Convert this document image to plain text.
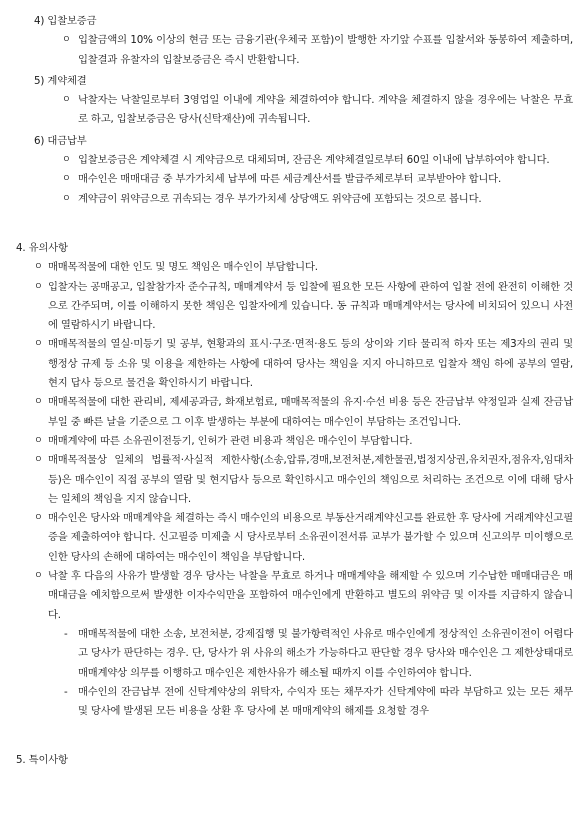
4) 입찰보증금
ㅇ 입찰금액의 10% 이상의 현금 또는 금융기관(우체국 포함)이 발행한 자기앞 수표를 입찰서와 동봉하여 제출하며, 입찰결과 유찰자의 입찰보증금은 즉시 반환합니다.
5) 계약체결
ㅇ 낙찰자는 낙찰일로부터 3영업일 이내에 계약을 체결하여야 합니다. 계약을 체결하지 않을 경우에는 낙찰은 무효로 하고, 입찰보증금은 당사(신탁재산)에 귀속됩니다.
6) 대금납부
ㅇ 입찰보증금은 계약체결 시 계약금으로 대체되며, 잔금은 계약체결일로부터 60일 이내에 납부하여야 합니다.
ㅇ 매수인은 매매대금 중 부가가치세 납부에 따른 세금계산서를 발급주체로부터 교부받아야 합니다.
ㅇ 계약금이 위약금으로 귀속되는 경우 부가가치세 상당액도 위약금에 포함되는 것으로 봅니다.
4. 유의사항
ㅇ 매매목적물에 대한 인도 및 명도 책임은 매수인이 부담합니다.
ㅇ 입찰자는 공매공고, 입찰참가자 준수규칙, 매매계약서 등 입찰에 필요한 모든 사항에 관하여 입찰 전에 완전히 이해한 것으로 간주되며, 이를 이해하지 못한 책임은 입찰자에게 있습니다. 동 규칙과 매매계약서는 당사에 비치되어 있으니 사전에 열람하시기 바랍니다.
ㅇ 매매목적물의 열실·미등기 및 공부, 현황과의 표시·구조·면적·용도 등의 상이와 기타 물리적 하자 또는 제3자의 권리 및 행정상 규제 등 소유 및 이용을 제한하는 사항에 대하여 당사는 책임을 지지 아니하므로 입찰자 책임 하에 공부의 열람, 현지 답사 등으로 물건을 확인하시기 바랍니다.
ㅇ 매매목적물에 대한 관리비, 제세공과금, 화재보험료, 매매목적물의 유지·수선 비용 등은 잔금납부 약정일과 실제 잔금납부일 중 빠른 날을 기준으로 그 이후 발생하는 부분에 대하여는 매수인이 부담하는 조건입니다.
ㅇ 매매계약에 따른 소유권이전등기, 인허가 관련 비용과 책임은 매수인이 부담합니다.
ㅇ 매매목적물상 일체의 법률적·사실적 제한사항(소송,압류,경매,보전처분,제한물권,법정지상권,유치권자,점유자,임대차 등)은 매수인이 직접 공부의 열람 및 현지답사 등으로 확인하시고 매수인의 책임으로 처리하는 조건으로 이에 대해 당사는 일체의 책임을 지지 않습니다.
ㅇ 매수인은 당사와 매매계약을 체결하는 즉시 매수인의 비용으로 부동산거래계약신고를 완료한 후 당사에 거래계약신고필증을 제출하여야 합니다. 신고필증 미제출 시 당사로부터 소유권이전서류 교부가 불가할 수 있으며 신고의무 미이행으로 인한 당사의 손해에 대하여는 매수인이 책임을 부담합니다.
ㅇ 낙찰 후 다음의 사유가 발생할 경우 당사는 낙찰을 무효로 하거나 매매계약을 해제할 수 있으며 기수납한 매매대금은 매매대금을 예치함으로써 발생한 이자수익만을 포함하여 매수인에게 반환하고 별도의 위약금 및 이자를 지급하지 않습니다.
- 매매목적물에 대한 소송, 보전처분, 강제집행 및 불가항력적인 사유로 매수인에게 정상적인 소유권이전이 어렵다고 당사가 판단하는 경우. 단, 당사가 위 사유의 해소가 가능하다고 판단할 경우 당사와 매수인은 그 제한상태대로 매매계약상 의무를 이행하고 매수인은 제한사유가 해소될 때까지 이를 수인하여야 합니다.
- 매수인의 잔금납부 전에 신탁계약상의 위탁자, 수익자 또는 채무자가 신탁계약에 따라 부담하고 있는 모든 채무 및 당사에 발생된 모든 비용을 상환 후 당사에 본 매매계약의 해제를 요청할 경우
5. 특이사항
